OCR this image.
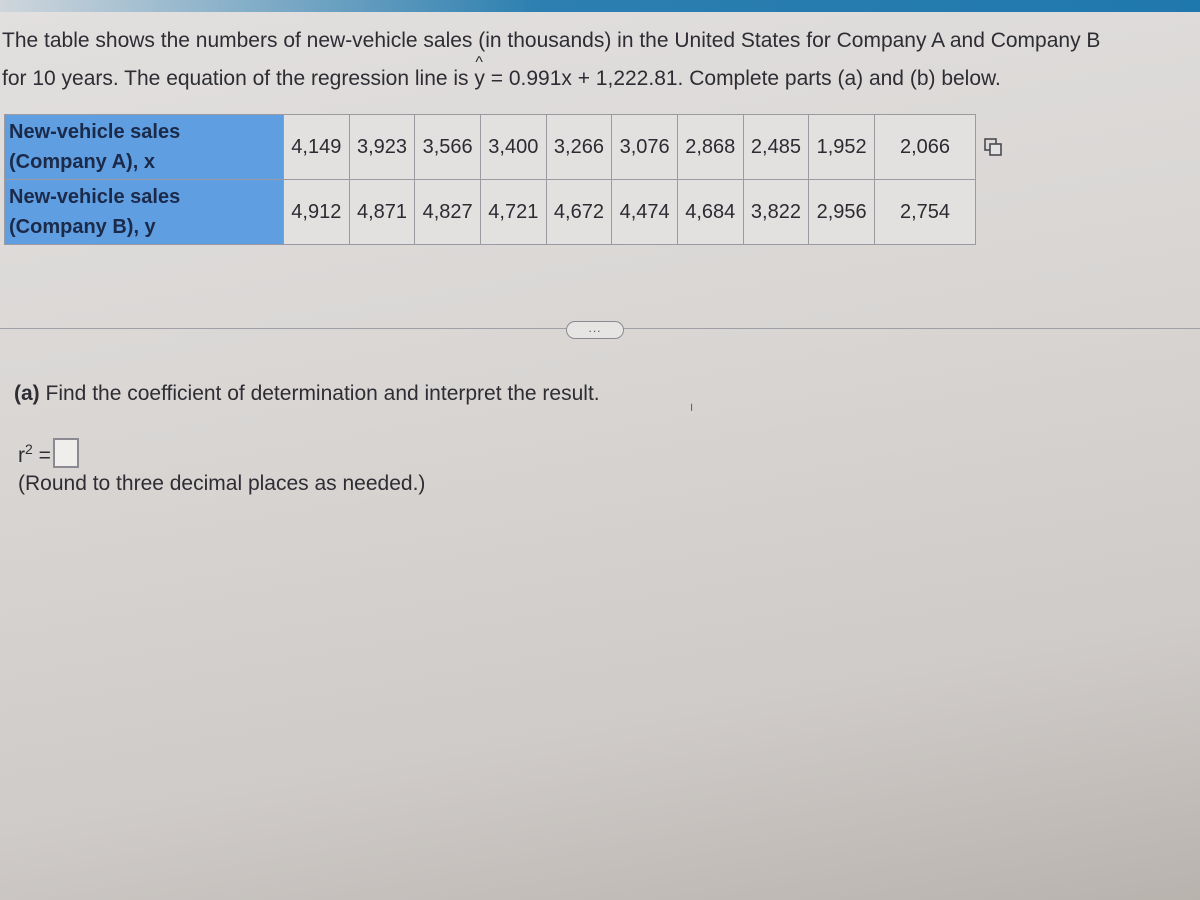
The table shows the numbers of new-vehicle sales (in thousands) in the United States for Company A and Company B
for 10 years. The equation of the regression line is ^ y = 0.991x + 1,222.81. Complete parts (a) and (b) below.
New-vehicle sales
(Company A), x	4,149	3,923	3,566	3,400	3,266	3,076	2,868	2,485	1,952	2,066

New-vehicle sales
(Company B), y	4,912	4,871	4,827	4,721	4,672	4,474	4,684	3,822	2,956	2,754
...
(a) Find the coefficient of determination and interpret the result.
$r^2$ =
(Round to three decimal places as needed.)
╵
